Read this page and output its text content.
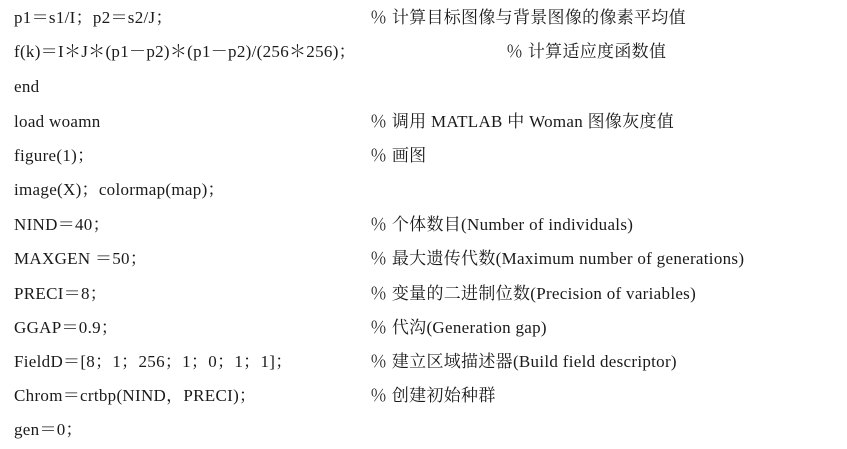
p1＝s1/I；p2＝s2/J；	％ 计算目标图像与背景图像的像素平均值
f(k)＝I＊J＊(p1－p2)＊(p1－p2)/(256＊256)；	％ 计算适应度函数值
end
load woamn	％ 调用 MATLAB 中 Woman 图像灰度值
figure(1)；	％ 画图
image(X)；colormap(map)；
NIND＝40；	％ 个体数目(Number of individuals)
MAXGEN ＝50；	％ 最大遗传代数(Maximum number of generations)
PRECI＝8；	％ 变量的二进制位数(Precision of variables)
GGAP＝0.9；	％ 代沟(Generation gap)
FieldD＝[8；1；256；1；0；1；1]；	％ 建立区域描述器(Build field descriptor)
Chrom＝crtbp(NIND，PRECI)；	％ 创建初始种群
gen＝0；
